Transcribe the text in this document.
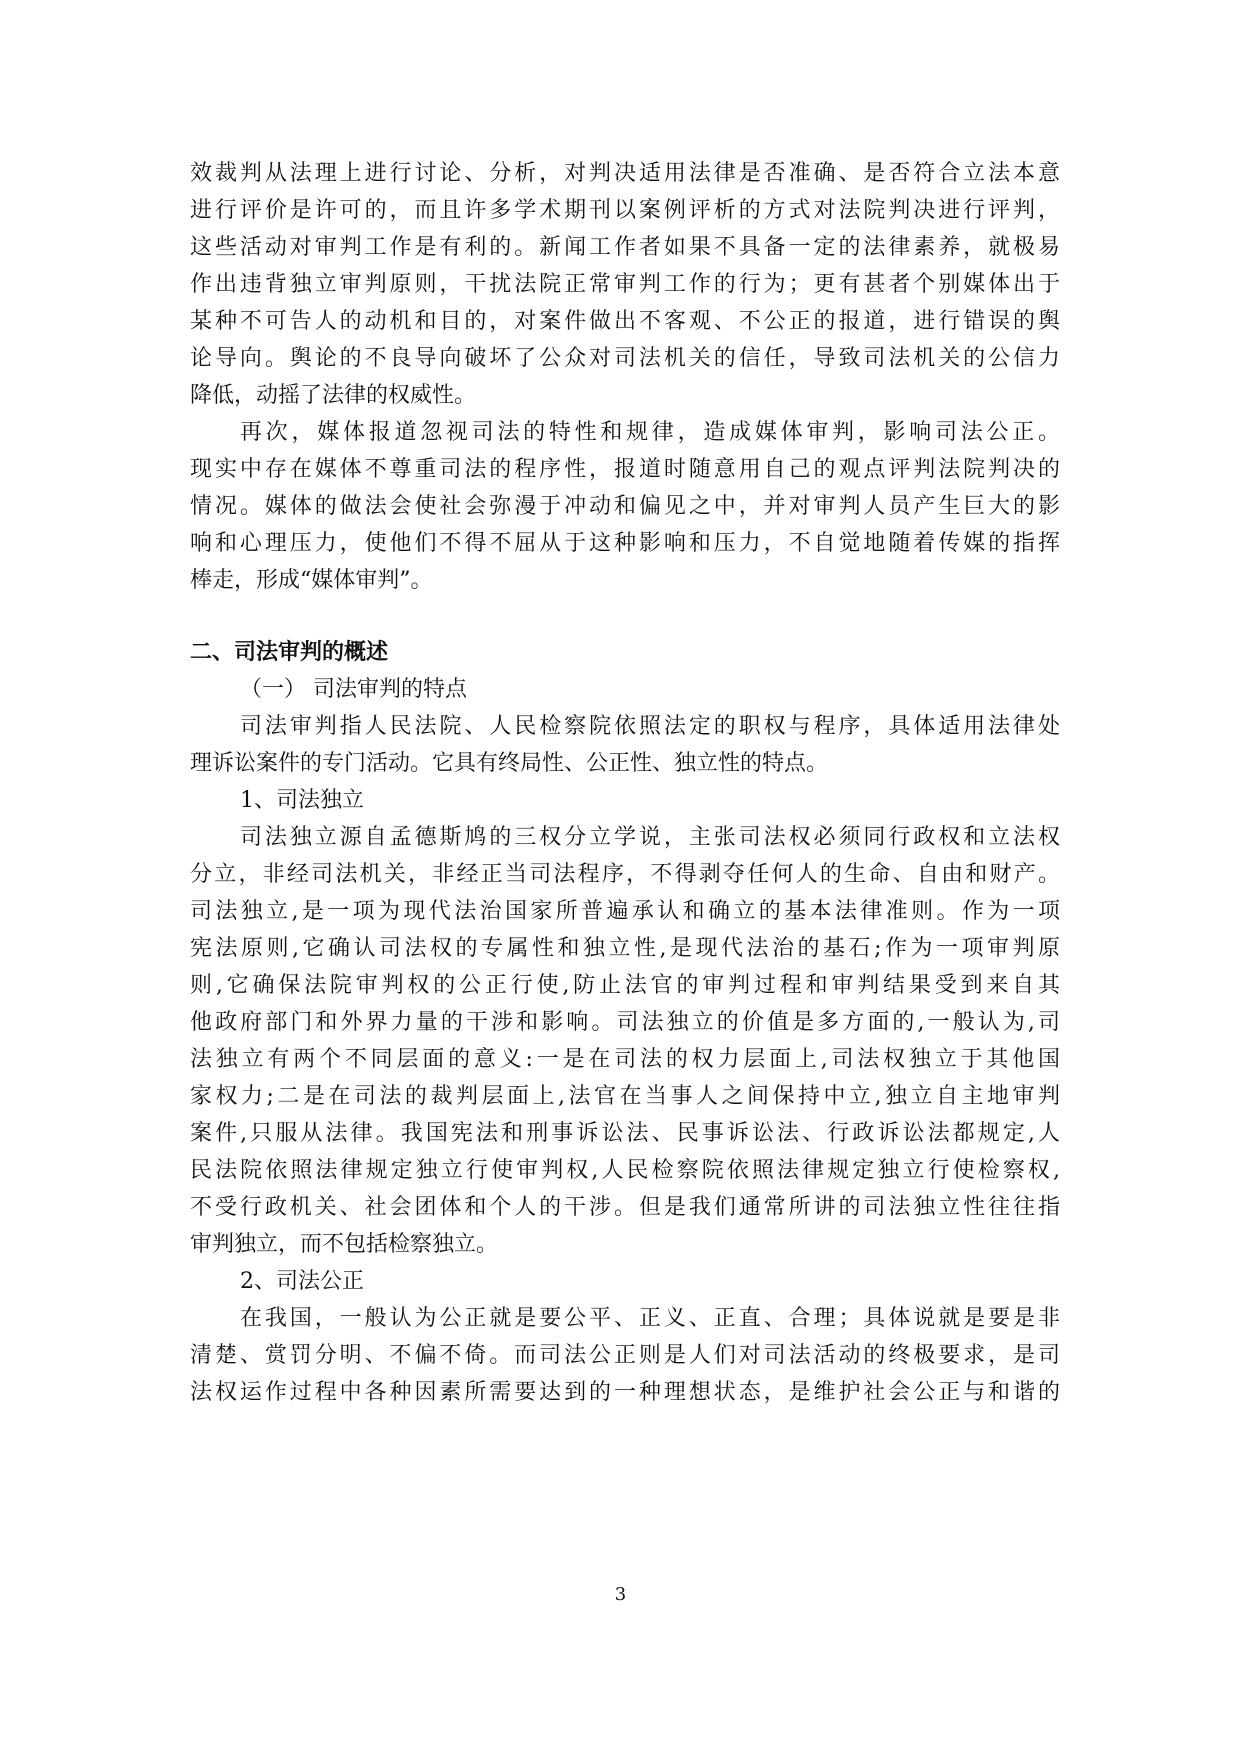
效裁判从法理上进行讨论、分析，对判决适用法律是否准确、是否符合立法本意
进行评价是许可的，而且许多学术期刊以案例评析的方式对法院判决进行评判，
这些活动对审判工作是有利的。新闻工作者如果不具备一定的法律素养，就极易
作出违背独立审判原则，干扰法院正常审判工作的行为；更有甚者个别媒体出于
某种不可告人的动机和目的，对案件做出不客观、不公正的报道，进行错误的舆
论导向。舆论的不良导向破坏了公众对司法机关的信任，导致司法机关的公信力
降低，动摇了法律的权威性。
再次，媒体报道忽视司法的特性和规律，造成媒体审判，影响司法公正。
现实中存在媒体不尊重司法的程序性，报道时随意用自己的观点评判法院判决的
情况。媒体的做法会使社会弥漫于冲动和偏见之中，并对审判人员产生巨大的影
响和心理压力，使他们不得不屈从于这种影响和压力，不自觉地随着传媒的指挥
棒走，形成“媒体审判”。
二、司法审判的概述
（一） 司法审判的特点
司法审判指人民法院、人民检察院依照法定的职权与程序，具体适用法律处
理诉讼案件的专门活动。它具有终局性、公正性、独立性的特点。
1、司法独立
司法独立源自孟德斯鸠的三权分立学说，主张司法权必须同行政权和立法权
分立，非经司法机关，非经正当司法程序，不得剥夺任何人的生命、自由和财产。
司法独立,是一项为现代法治国家所普遍承认和确立的基本法律准则。作为一项
宪法原则,它确认司法权的专属性和独立性,是现代法治的基石;作为一项审判原
则,它确保法院审判权的公正行使,防止法官的审判过程和审判结果受到来自其
他政府部门和外界力量的干涉和影响。司法独立的价值是多方面的,一般认为,司
法独立有两个不同层面的意义:一是在司法的权力层面上,司法权独立于其他国
家权力;二是在司法的裁判层面上,法官在当事人之间保持中立,独立自主地审判
案件,只服从法律。我国宪法和刑事诉讼法、民事诉讼法、行政诉讼法都规定,人
民法院依照法律规定独立行使审判权,人民检察院依照法律规定独立行使检察权,
不受行政机关、社会团体和个人的干涉。但是我们通常所讲的司法独立性往往指
审判独立，而不包括检察独立。
2、司法公正
在我国，一般认为公正就是要公平、正义、正直、合理；具体说就是要是非
清楚、赏罚分明、不偏不倚。而司法公正则是人们对司法活动的终极要求，是司
法权运作过程中各种因素所需要达到的一种理想状态，是维护社会公正与和谐的
3
